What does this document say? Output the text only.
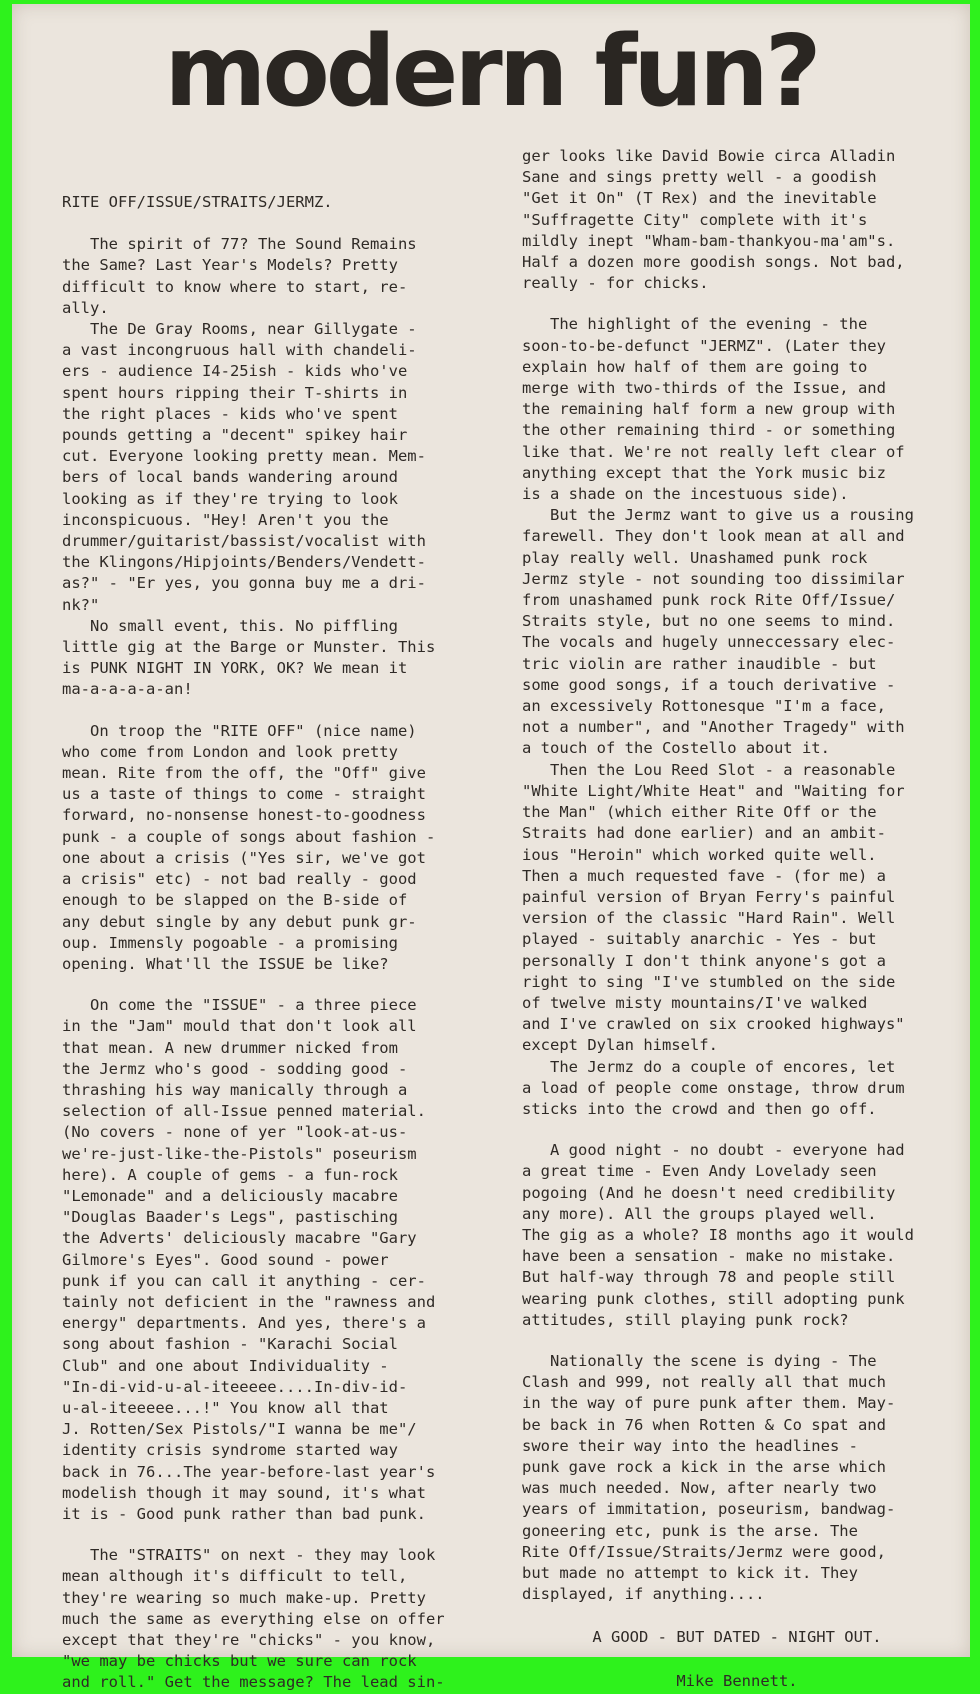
modern fun?

RITE OFF/ISSUE/STRAITS/JERMZ.

The spirit of 77? The Sound Remains
the Same? Last Year's Models? Pretty
difficult to know where to start, re-
ally.

The De Gray Rooms, near Gillygate -
a vast incongruous hall with chandeli-
ers - audience I4-25ish - kids who've
spent hours ripping their T-shirts in
the right places - kids who've spent
pounds getting a "decent" spikey hair
cut. Everyone looking pretty mean. Mem-
bers of local bands wandering around
looking as if they're trying to look
inconspicuous. "Hey! Aren't you the
drummer/guitarist/bassist/vocalist with
the Klingons/Hipjoints/Benders/Vendett-
as?" - "Er yes, you gonna buy me a dri-
nk?"

No small event, this. No piffling
little gig at the Barge or Munster. This
is PUNK NIGHT IN YORK, OK? We mean it
ma-a-a-a-a-an!

On troop the "RITE OFF" (nice name)
who come from London and look pretty
mean. Rite from the off, the "Off" give
us a taste of things to come - straight
forward, no-nonsense honest-to-goodness
punk - a couple of songs about fashion -
one about a crisis ("Yes sir, we've got
a crisis" etc) - not bad really - good
enough to be slapped on the B-side of
any debut single by any debut punk gr-
oup. Immensly pogoable - a promising
opening. What'll the ISSUE be like?

On come the "ISSUE" - a three piece
in the "Jam" mould that don't look all
that mean. A new drummer nicked from
the Jermz who's good - sodding good -
thrashing his way manically through a
selection of all-Issue penned material.
(No covers - none of yer "look-at-us-
we're-just-like-the-Pistols" poseurism
here). A couple of gems - a fun-rock
"Lemonade" and a deliciously macabre
"Douglas Baader's Legs", pastisching
the Adverts' deliciously macabre "Gary
Gilmore's Eyes". Good sound - power
punk if you can call it anything - cer-
tainly not deficient in the "rawness and
energy" departments. And yes, there's a
song about fashion - "Karachi Social
Club" and one about Individuality -
"In-di-vid-u-al-iteeeee....In-div-id-
u-al-iteeeee...!" You know all that
J. Rotten/Sex Pistols/"I wanna be me"/
identity crisis syndrome started way
back in 76...The year-before-last year's
modelish though it may sound, it's what
it is - Good punk rather than bad punk.

The "STRAITS" on next - they may look
mean although it's difficult to tell,
they're wearing so much make-up. Pretty
much the same as everything else on offer
except that they're "chicks" - you know,
"we may be chicks but we sure can rock
and roll." Get the message? The lead sin-

ger looks like David Bowie circa Alladin
Sane and sings pretty well - a goodish
"Get it On" (T Rex) and the inevitable
"Suffragette City" complete with it's
mildly inept "Wham-bam-thankyou-ma'am"s.
Half a dozen more goodish songs. Not bad,
really - for chicks.

The highlight of the evening - the
soon-to-be-defunct "JERMZ". (Later they
explain how half of them are going to
merge with two-thirds of the Issue, and
the remaining half form a new group with
the other remaining third - or something
like that. We're not really left clear of
anything except that the York music biz
is a shade on the incestuous side).

But the Jermz want to give us a rousing
farewell. They don't look mean at all and
play really well. Unashamed punk rock
Jermz style - not sounding too dissimilar
from unashamed punk rock Rite Off/Issue/
Straits style, but no one seems to mind.
The vocals and hugely unneccessary elec-
tric violin are rather inaudible - but
some good songs, if a touch derivative -
an excessively Rottonesque "I'm a face,
not a number", and "Another Tragedy" with
a touch of the Costello about it.

Then the Lou Reed Slot - a reasonable
"White Light/White Heat" and "Waiting for
the Man" (which either Rite Off or the
Straits had done earlier) and an ambit-
ious "Heroin" which worked quite well.
Then a much requested fave - (for me) a
painful version of Bryan Ferry's painful
version of the classic "Hard Rain". Well
played - suitably anarchic - Yes - but
personally I don't think anyone's got a
right to sing "I've stumbled on the side
of twelve misty mountains/I've walked
and I've crawled on six crooked highways"
except Dylan himself.

The Jermz do a couple of encores, let
a load of people come onstage, throw drum
sticks into the crowd and then go off.

A good night - no doubt - everyone had
a great time - Even Andy Lovelady seen
pogoing (And he doesn't need credibility
any more). All the groups played well.
The gig as a whole? I8 months ago it would
have been a sensation - make no mistake.
But half-way through 78 and people still
wearing punk clothes, still adopting punk
attitudes, still playing punk rock?

Nationally the scene is dying - The
Clash and 999, not really all that much
in the way of pure punk after them. May-
be back in 76 when Rotten & Co spat and
swore their way into the headlines -
punk gave rock a kick in the arse which
was much needed. Now, after nearly two
years of immitation, poseurism, bandwag-
goneering etc, punk is the arse. The
Rite Off/Issue/Straits/Jermz were good,
but made no attempt to kick it. They
displayed, if anything....

A GOOD - BUT DATED - NIGHT OUT.

Mike Bennett.
